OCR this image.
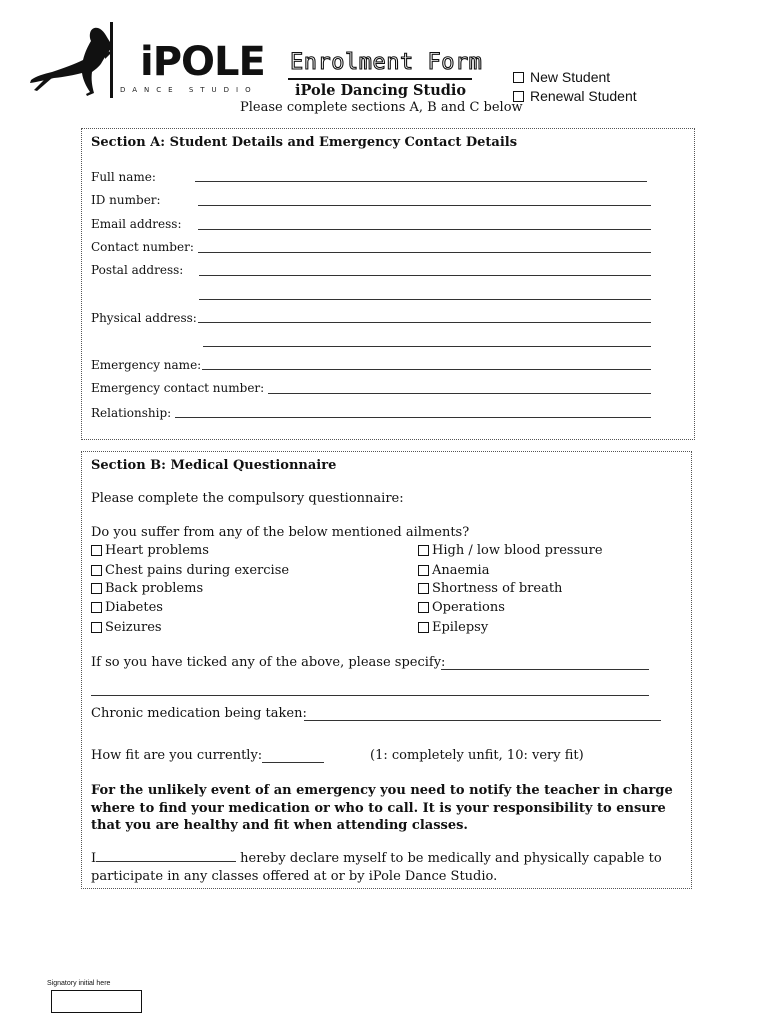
iPOLE
DANCE STUDIO
Enrolment Form
iPole Dancing Studio
Please complete sections A, B and C below
New Student
Renewal Student
Section A: Student Details and Emergency Contact Details
Full name:
ID number:
Email address:
Contact number:
Postal address:
Physical address:
Emergency name:
Emergency contact number:
Relationship:
Section B: Medical Questionnaire
Please complete the compulsory questionnaire:
Do you suffer from any of the below mentioned ailments?
Heart problems
Chest pains during exercise
Back problems
Diabetes
Seizures
High / low blood pressure
Anaemia
Shortness of breath
Operations
Epilepsy
If so you have ticked any of the above, please specify:
Chronic medication being taken:
How fit are you currently:	(1: completely unfit, 10: very fit)
For the unlikely event of an emergency you need to notify the teacher in charge where to find your medication or who to call. It is your responsibility to ensure that you are healthy and fit when attending classes.
I	hereby declare myself to be medically and physically capable to participate in any classes offered at or by iPole Dance Studio.
Signatory initial here
